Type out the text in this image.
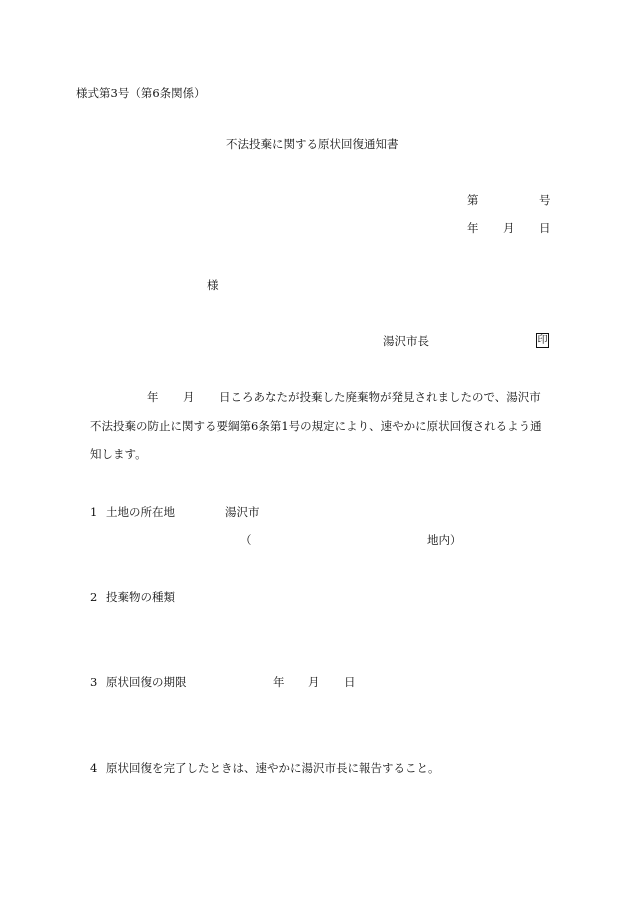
様式第3号（第6条関係）
不法投棄に関する原状回復通知書
第	号
年 月 日
様
湯沢市長	印
年 月 日ころあなたが投棄した廃棄物が発見されましたので、湯沢市
不法投棄の防止に関する要綱第6条第1号の規定により、速やかに原状回復されるよう通
知します。
1 土地の所在地	湯沢市
（	地内）
2 投棄物の種類
3 原状回復の期限	年 月 日
4 原状回復を完了したときは、速やかに湯沢市長に報告すること。
